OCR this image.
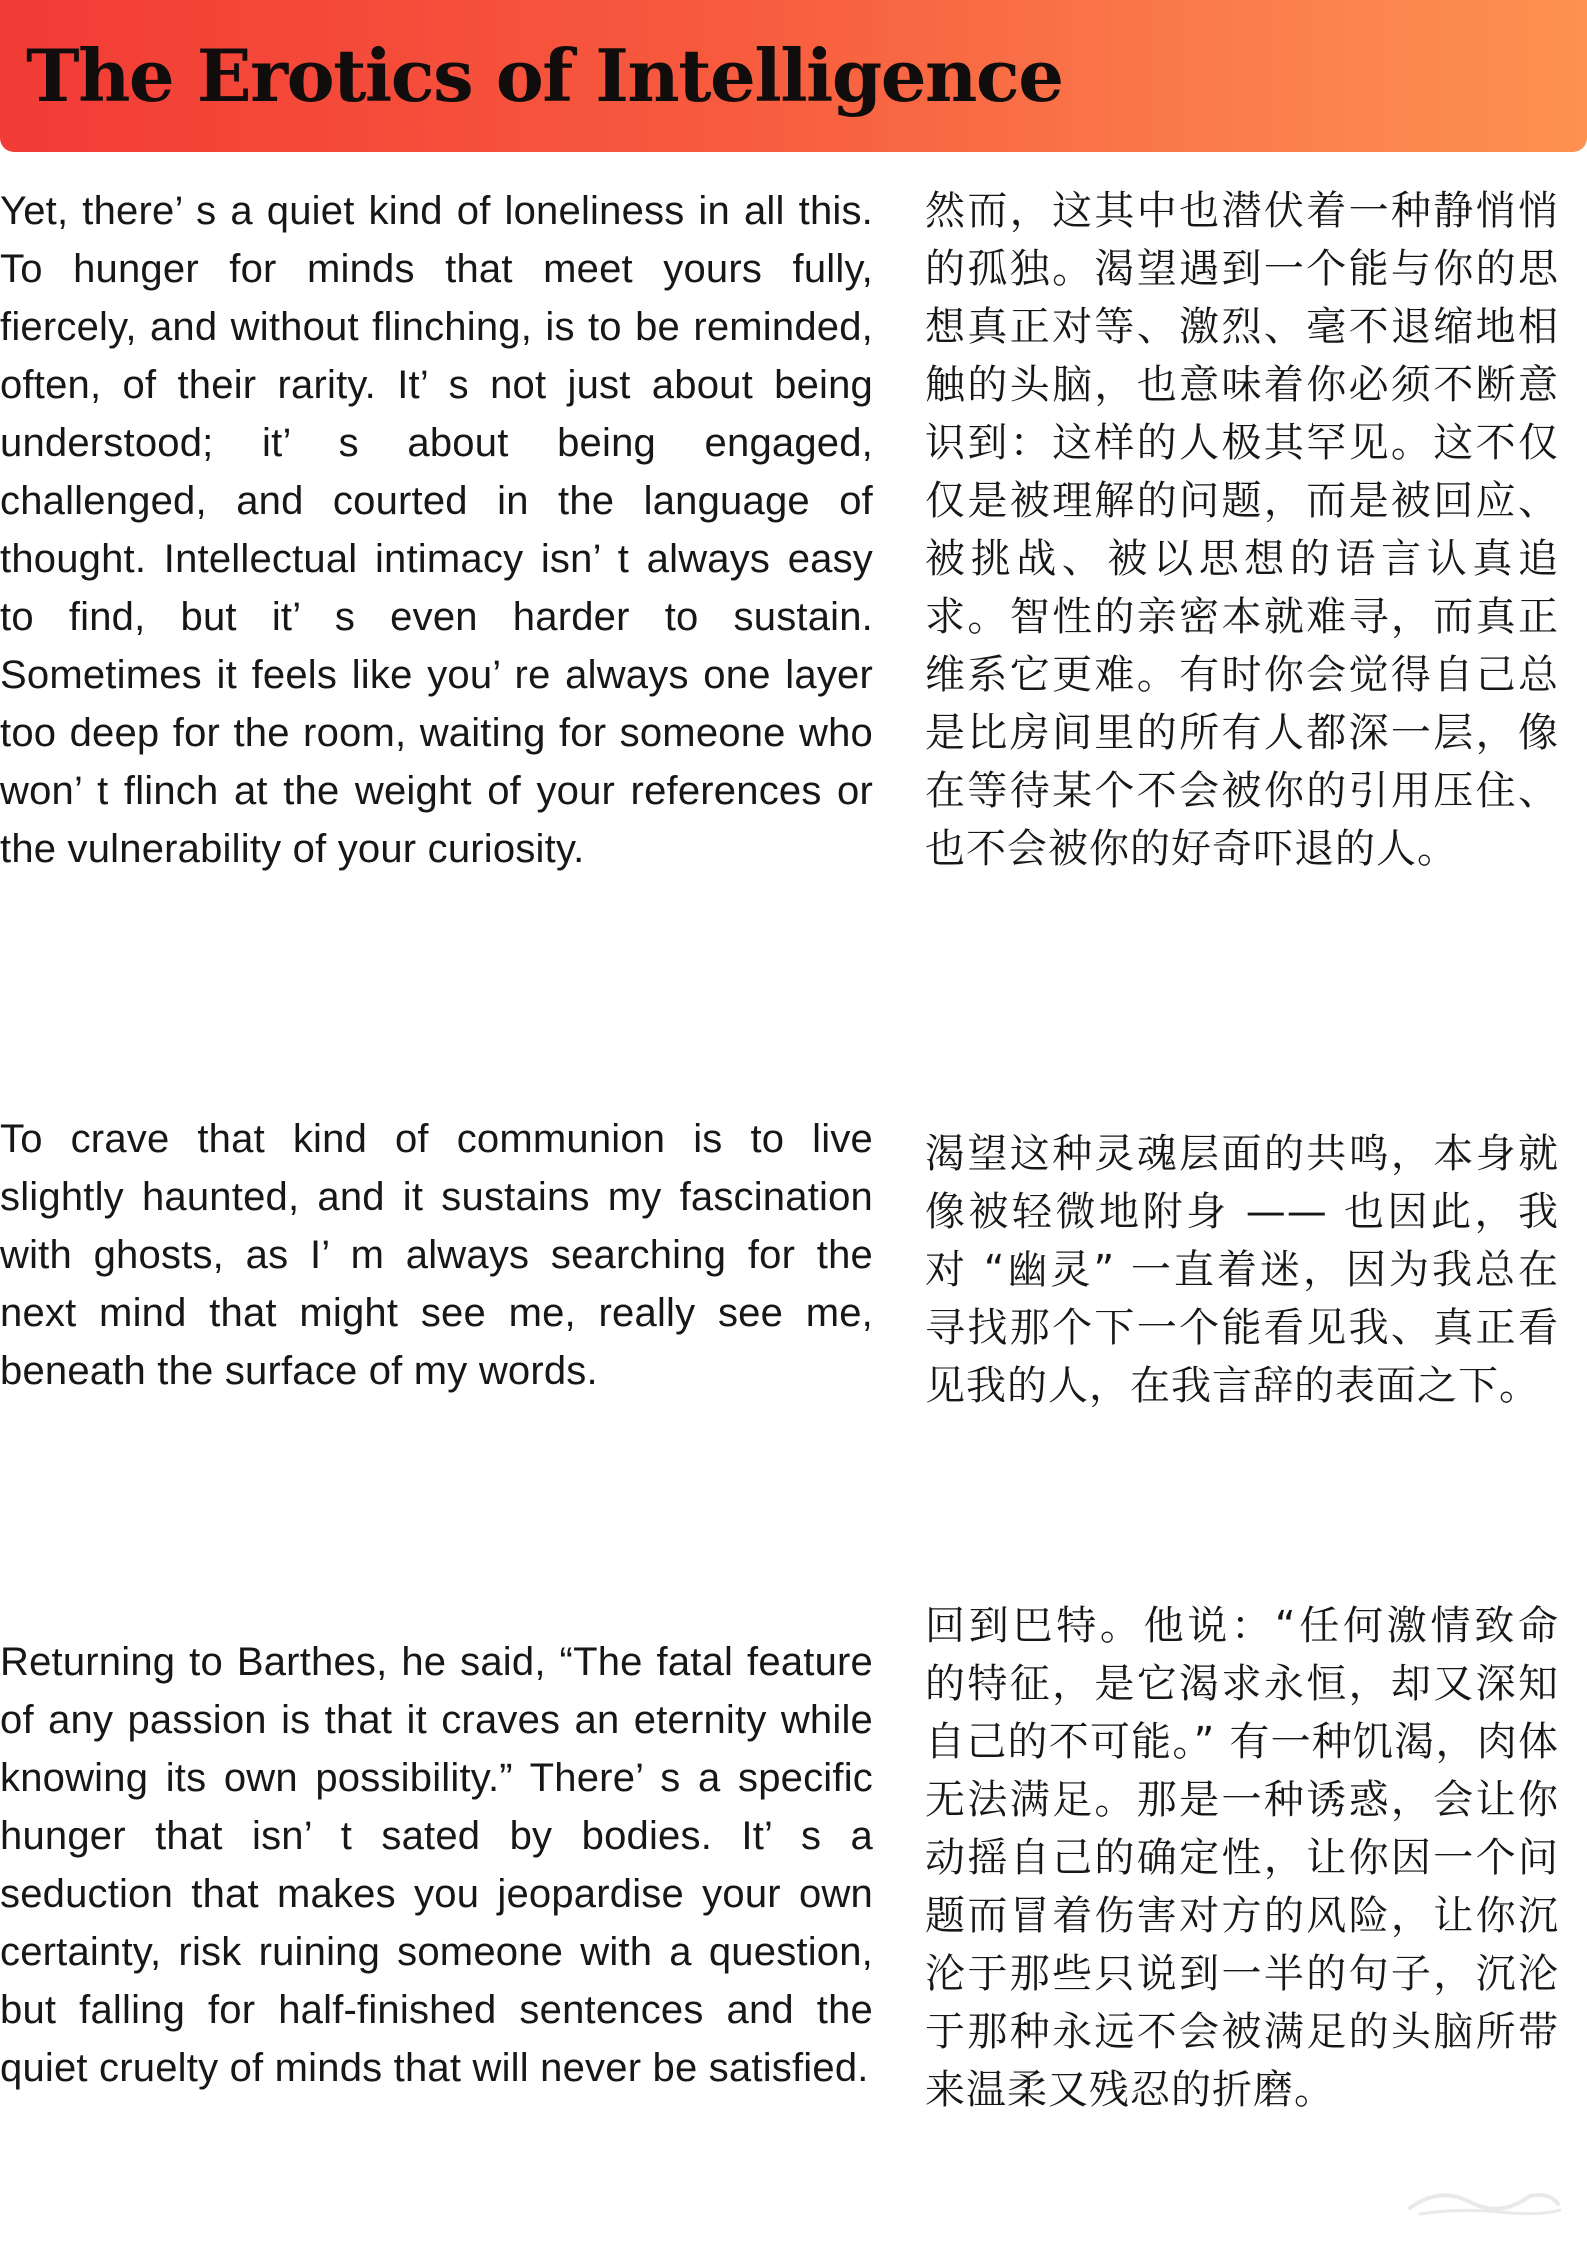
The Erotics of Intelligence

Yet, there’ s a quiet kind of loneliness in all this. To hunger for minds that meet yours fully, fiercely, and without flinching, is to be reminded, often, of their rarity. It’ s not just about being understood; it’ s about being engaged, challenged, and courted in the language of thought. Intellectual intimacy isn’ t always easy to find, but it’ s even harder to sustain. Sometimes it feels like you’ re always one layer too deep for the room, waiting for someone who won’ t flinch at the weight of your references or the vulnerability of your curiosity.

然而，这其中也潜伏着一种静悄悄的孤独。渴望遇到一个能与你的思想真正对等、激烈、毫不退缩地相触的头脑，也意味着你必须不断意识到：这样的人极其罕见。这不仅仅是被理解的问题，而是被回应、被挑战、被以思想的语言认真追求。智性的亲密本就难寻，而真正维系它更难。有时你会觉得自己总是比房间里的所有人都深一层，像在等待某个不会被你的引用压住、也不会被你的好奇吓退的人。

To crave that kind of communion is to live slightly haunted, and it sustains my fascination with ghosts, as I’ m always searching for the next mind that might see me, really see me, beneath the surface of my words.

渴望这种灵魂层面的共鸣，本身就像被轻微地附身 —— 也因此，我对 “幽灵” 一直着迷，因为我总在寻找那个下一个能看见我、真正看见我的人，在我言辞的表面之下。

Returning to Barthes, he said, “The fatal feature of any passion is that it craves an eternity while knowing its own possibility.” There’ s a specific hunger that isn’ t sated by bodies. It’ s a seduction that makes you jeopardise your own certainty, risk ruining someone with a question, but falling for half-finished sentences and the quiet cruelty of minds that will never be satisfied.

回到巴特。他说：“任何激情致命的特征，是它渴求永恒，却又深知自己的不可能。” 有一种饥渴，肉体无法满足。那是一种诱惑，会让你动摇自己的确定性，让你因一个问题而冒着伤害对方的风险，让你沉沦于那些只说到一半的句子，沉沦于那种永远不会被满足的头脑所带来温柔又残忍的折磨。
